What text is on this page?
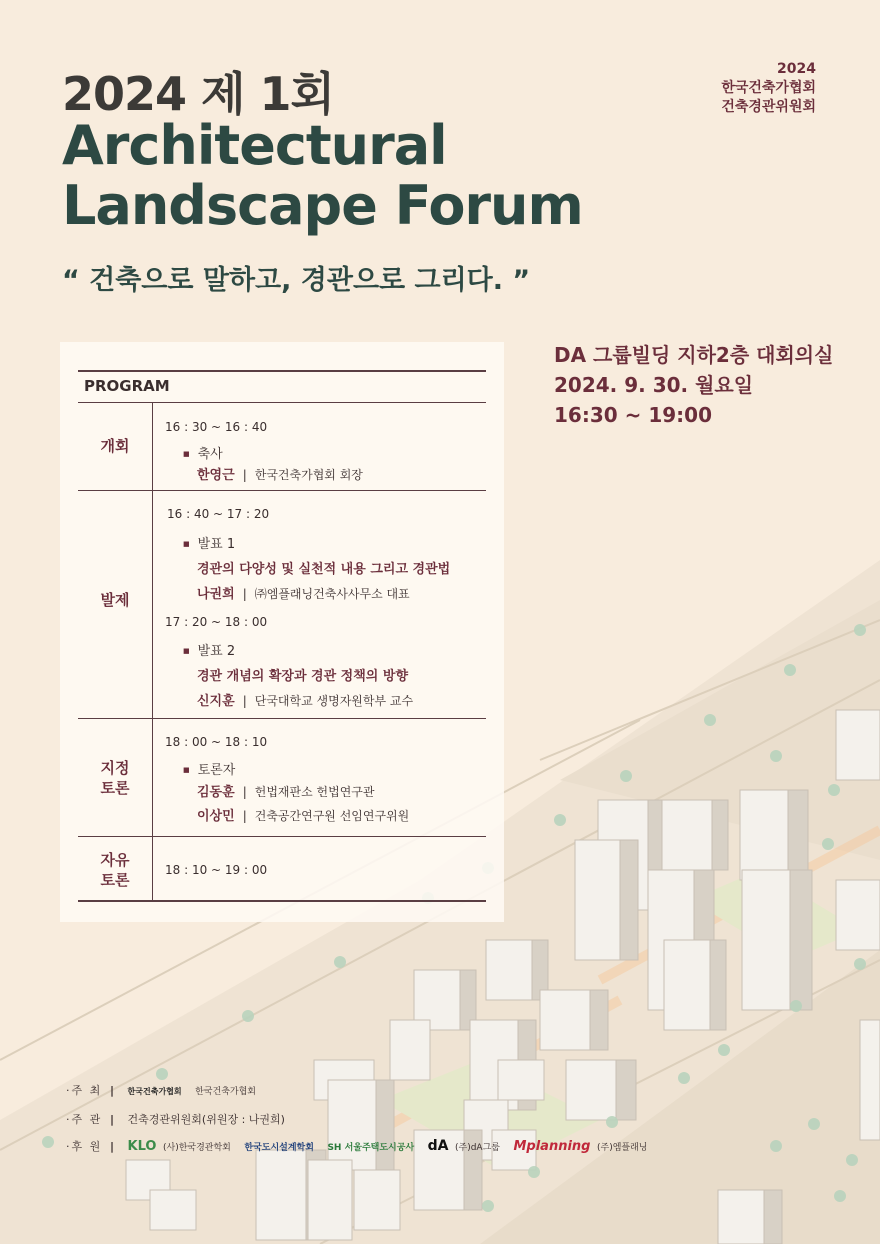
2024 제 1회
Architectural
Landscape Forum
“ 건축으로 말하고, 경관으로 그리다. ”
2024
한국건축가협회
건축경관위원회
DA 그룹빌딩 지하2층 대회의실
2024. 9. 30. 월요일
16:30 ~ 19:00
PROGRAM
개회
16 : 30 ~ 16 : 40
■ 축사
한영근 | 한국건축가협회 회장
발제
16 : 40 ~ 17 : 20
■ 발표 1
경관의 다양성 및 실천적 내용 그리고 경관법
나권희 | ㈜엠플래닝건축사사무소 대표
17 : 20 ~ 18 : 00
■ 발표 2
경관 개념의 확장과 경관 정책의 방향
신지훈 | 단국대학교 생명자원학부 교수
지정
토론
18 : 00 ~ 18 : 10
■ 토론자
김동훈 | 헌법재판소 헌법연구관
이상민 | 건축공간연구원 선임연구위원
자유
토론
18 : 10 ~ 19 : 00
·주 최 | 한국건축가협회 한국건축가협회
·주 관 | 건축경관위원회(위원장 : 나권희)
·후 원 | KLO (사)한국경관학회 한국도시설계학회 SH 서울주택도시공사 dA (주)dA그룹 Mplanning (주)엠플래닝
